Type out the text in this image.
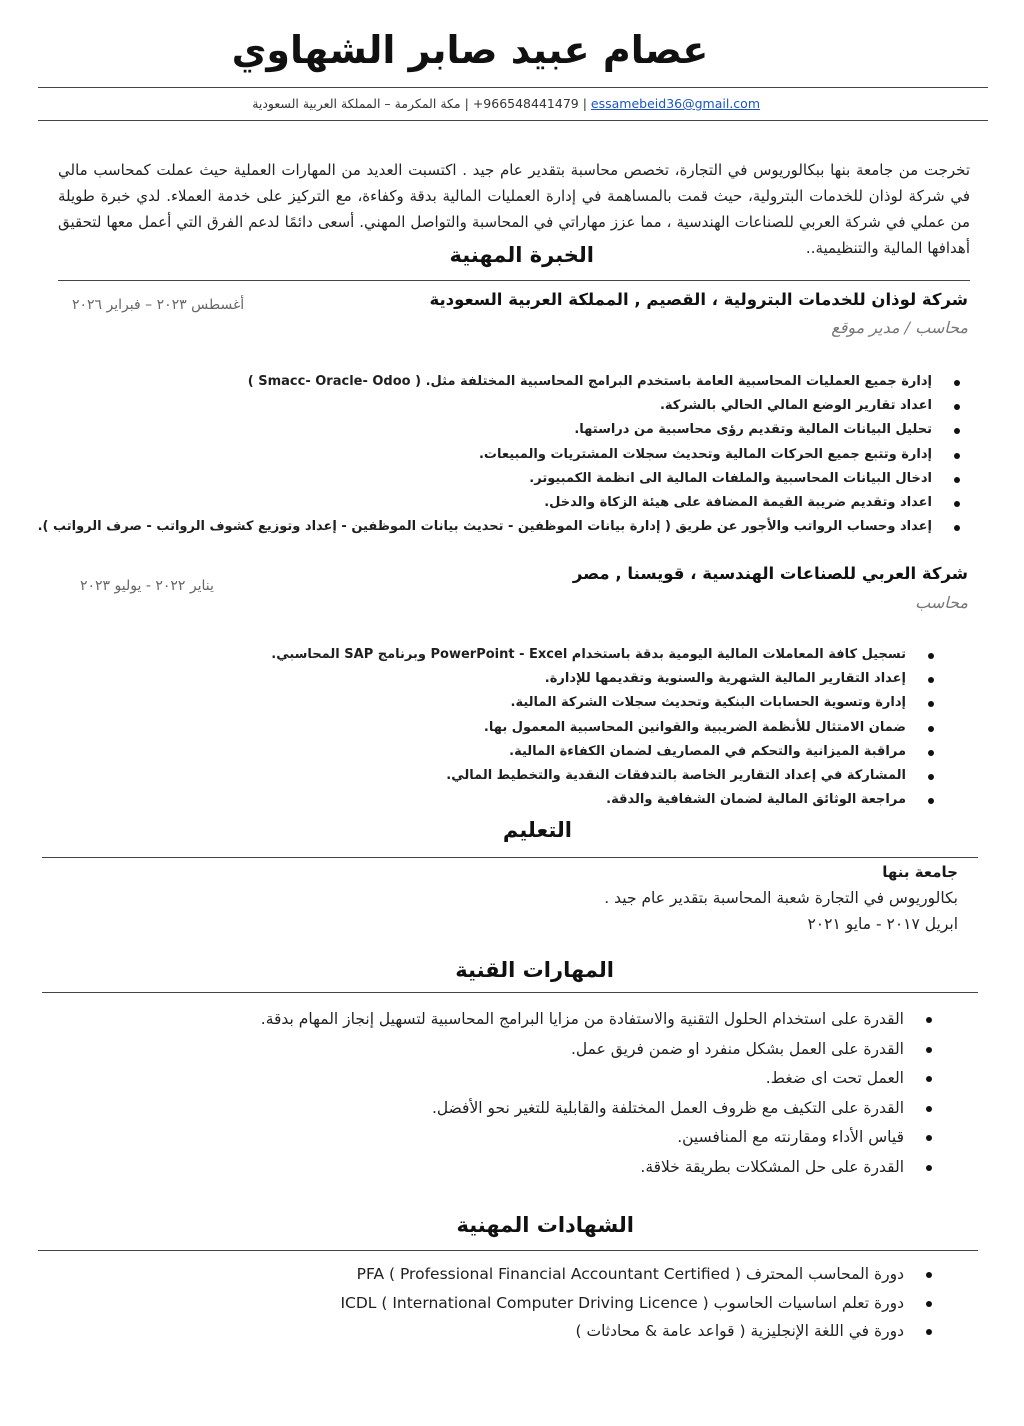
عصام عبيد صابر الشهاوي
+966548441479 | essamebeid36@gmail.com | مكة المكرمة – المملكة العربية السعودية

تخرجت من جامعة بنها ببكالوريوس في التجارة، تخصص محاسبة بتقدير عام جيد . اكتسبت العديد من المهارات العملية حيث عملت كمحاسب مالي في شركة لوذان للخدمات البترولية، حيث قمت بالمساهمة في إدارة العمليات المالية بدقة وكفاءة، مع التركيز على خدمة العملاء. لدي خبرة طويلة من عملي في شركة العربي للصناعات الهندسية ، مما عزز مهاراتي في المحاسبة والتواصل المهني. أسعى دائمًا لدعم الفرق التي أعمل معها لتحقيق أهدافها المالية والتنظيمية..

الخبرة المهنية
شركة لوذان للخدمات البترولية ، القصيم , المملكة العربية السعودية
أغسطس ٢٠٢٣ – فبراير ٢٠٢٦
محاسب / مدير موقع
إدارة جميع العمليات المحاسبية العامة باستخدم البرامج المحاسبية المختلفة مثل. ( Smacc- Oracle- Odoo )
اعداد تقارير الوضع المالي الحالي بالشركة.
تحليل البيانات المالية وتقديم رؤى محاسبية من دراستها.
إدارة وتتبع جميع الحركات المالية وتحديث سجلات المشتريات والمبيعات.
ادخال البيانات المحاسبية والملفات المالية الى انظمة الكمبيوتر.
اعداد وتقديم ضريبة القيمة المضافة على هيئة الزكاة والدخل.
إعداد وحساب الرواتب والأجور عن طريق ( إدارة بيانات الموظفين - تحديث بيانات الموظفين - إعداد وتوزيع كشوف الرواتب - صرف الرواتب ).
شركة العربي للصناعات الهندسية ، قويسنا , مصر
يناير ٢٠٢٢ - يوليو ٢٠٢٣
محاسب
تسجيل كافة المعاملات المالية اليومية بدقة باستخدام PowerPoint - Excel وبرنامج SAP المحاسبي.
إعداد التقارير المالية الشهرية والسنوية وتقديمها للإدارة.
إدارة وتسوية الحسابات البنكية وتحديث سجلات الشركة المالية.
ضمان الامتثال للأنظمة الضريبية والقوانين المحاسبية المعمول بها.
مراقبة الميزانية والتحكم في المصاريف لضمان الكفاءة المالية.
المشاركة في إعداد التقارير الخاصة بالتدفقات النقدية والتخطيط المالي.
مراجعة الوثائق المالية لضمان الشفافية والدقة.
التعليم
جامعة بنها
بكالوريوس في التجارة شعبة المحاسبة بتقدير عام جيد .
ابريل ٢٠١٧ - مايو ٢٠٢١
المهارات القنية
القدرة على استخدام الحلول التقنية والاستفادة من مزايا البرامج المحاسبية لتسهيل إنجاز المهام بدقة.
القدرة على العمل بشكل منفرد او ضمن فريق عمل.
العمل تحت اى ضغط.
القدرة على التكيف مع ظروف العمل المختلفة والقابلية للتغير نحو الأفضل.
قياس الأداء ومقارنته مع المنافسين.
القدرة على حل المشكلات بطريقة خلاقة.
الشهادات المهنية
دورة المحاسب المحترف PFA ( Professional Financial Accountant Certified )
دورة تعلم اساسيات الحاسوب ICDL ( International Computer Driving Licence )
دورة في اللغة الإنجليزية ( قواعد عامة & محادثات )
